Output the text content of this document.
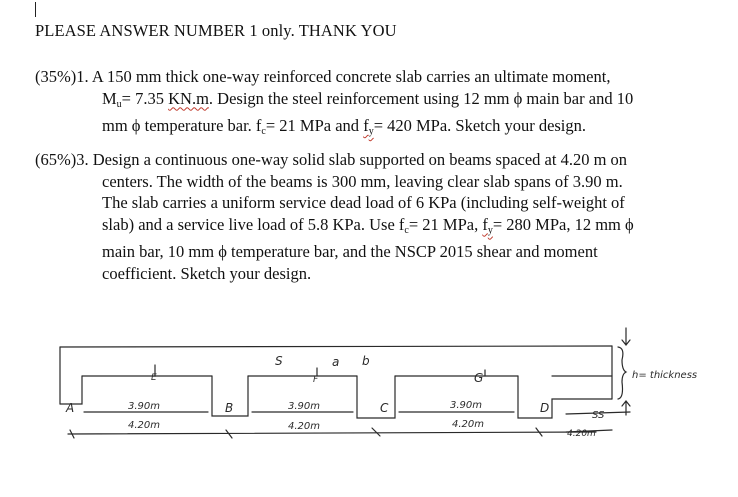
PLEASE ANSWER NUMBER 1 only. THANK YOU
(35%)1. A 150 mm thick one-way reinforced concrete slab carries an ultimate moment,
$M_u= 7.35$ KN.m. Design the steel reinforcement using 12 mm ϕ main bar and 10
mm ϕ temperature bar. $f_c= 21$ MPa and $f_y= 420$ MPa. Sketch your design.
(65%)3. Design a continuous one-way solid slab supported on beams spaced at 4.20 m on
centers. The width of the beams is 300 mm, leaving clear slab spans of 3.90 m.
The slab carries a uniform service dead load of 6 KPa (including self-weight of
slab) and a service live load of 5.8 KPa. Use $f_c= 21$ MPa, $f_y= 280$ MPa, 12 mm ϕ
main bar, 10 mm ϕ temperature bar, and the NSCP 2015 shear and moment
coefficient. Sketch your design.
A	B	C	D
S	a b
E	F	G
3.90m	3.90m	3.90m
4.20m	4.20m	4.20m
4.20m
SS
h= thickness
